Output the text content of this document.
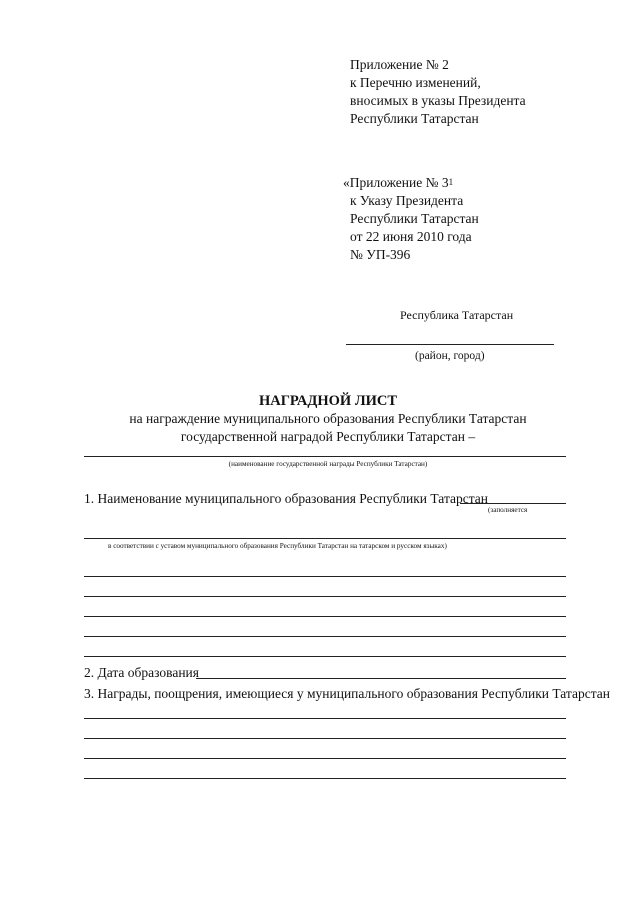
Приложение № 2
к Перечню изменений,
вносимых в указы Президента
Республики Татарстан
«Приложение № $3^1$
к Указу Президента
Республики Татарстан
от 22 июня 2010 года
№ УП-396
Республика Татарстан
(район, город)
НАГРАДНОЙ ЛИСТ
на награждение муниципального образования Республики Татарстан
государственной наградой Республики Татарстан –
(наименование государственной награды Республики Татарстан)
1. Наименование муниципального образования Республики Татарстан
(заполняется
в соответствии с уставом муниципального образования Республики Татарстан на татарском и русском языках)
2. Дата образования
3. Награды, поощрения, имеющиеся у муниципального образования Республики Татарстан
